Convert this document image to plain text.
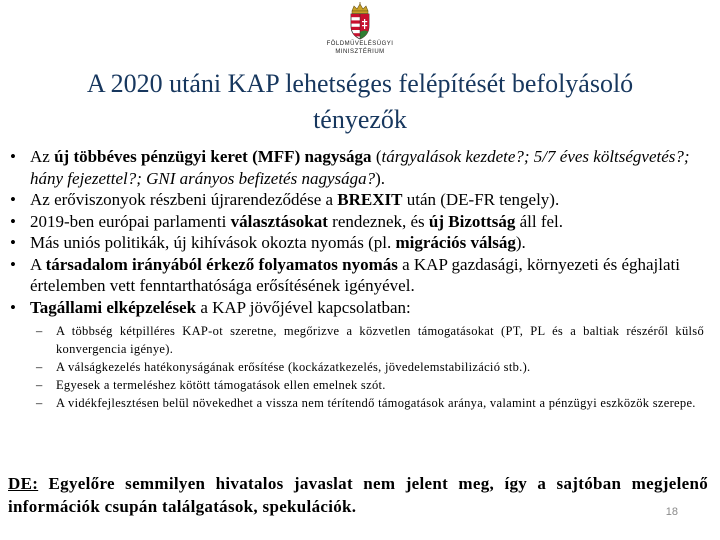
FÖLDMŰVELÉSÜGYI
MINISZTÉRIUM
A 2020 utáni KAP lehetséges felépítését befolyásoló
tényezők
• Az új többéves pénzügyi keret (MFF) nagysága (tárgyalások kezdete?; 5/7 éves költségvetés?; hány fejezettel?; GNI arányos befizetés nagysága?).
• Az erőviszonyok részbeni újrarendeződése a BREXIT után (DE-FR tengely).
• 2019-ben európai parlamenti választásokat rendeznek, és új Bizottság áll fel.
• Más uniós politikák, új kihívások okozta nyomás (pl. migrációs válság).
• A társadalom irányából érkező folyamatos nyomás a KAP gazdasági, környezeti és éghajlati értelemben vett fenntarthatósága erősítésének igényével.
• Tagállami elképzelések a KAP jövőjével kapcsolatban:
– A többség kétpilléres KAP-ot szeretne, megőrizve a közvetlen támogatásokat (PT, PL és a baltiak részéről külső konvergencia igénye).
– A válságkezelés hatékonyságának erősítése (kockázatkezelés, jövedelemstabilizáció stb.).
– Egyesek a termeléshez kötött támogatások ellen emelnek szót.
– A vidékfejlesztésen belül növekedhet a vissza nem térítendő támogatások aránya, valamint a pénzügyi eszközök szerepe.
DE: Egyelőre semmilyen hivatalos javaslat nem jelent meg, így a sajtóban megjelenő információk csupán találgatások, spekulációk.	18
